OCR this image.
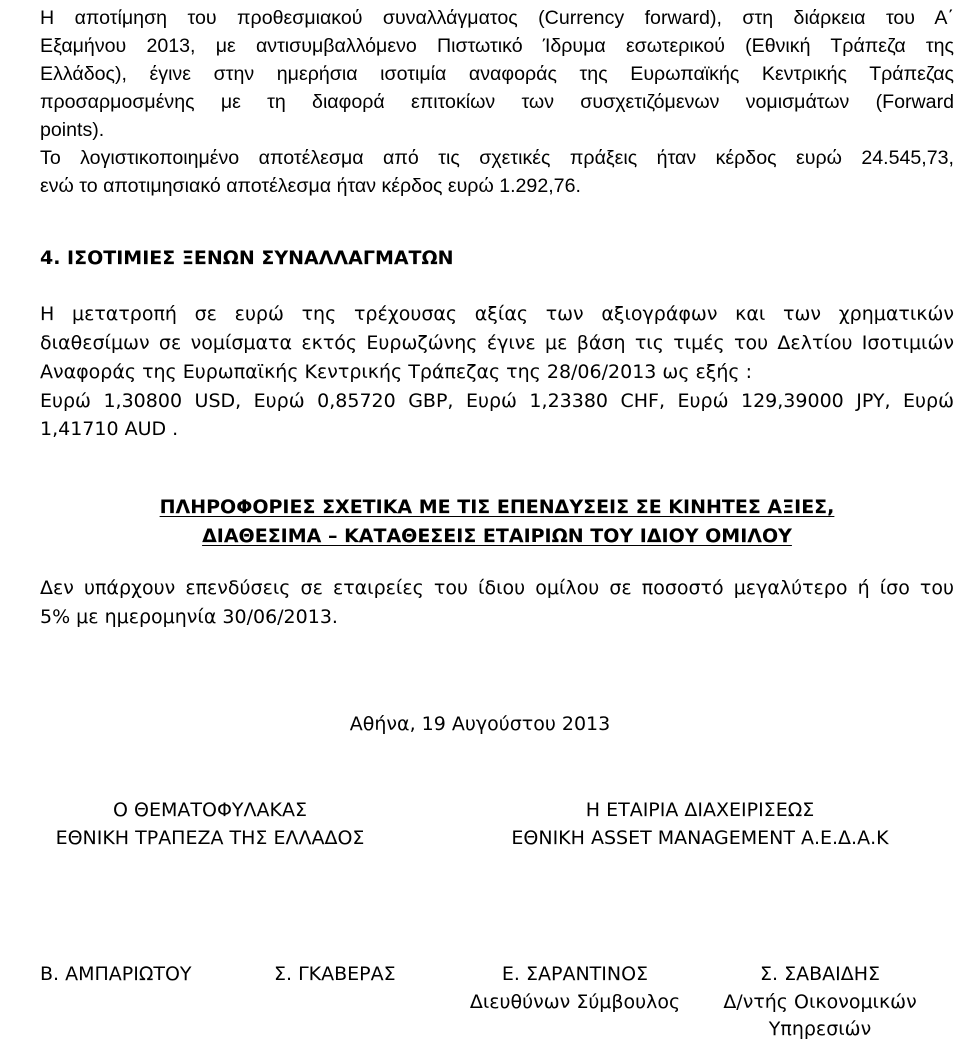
Η αποτίμηση του προθεσμιακού συναλλάγματος (Currency forward), στη διάρκεια του Α΄
Εξαμήνου 2013, με αντισυμβαλλόμενο Πιστωτικό Ίδρυμα εσωτερικού (Εθνική Τράπεζα της
Ελλάδος), έγινε στην ημερήσια ισοτιμία αναφοράς της Ευρωπαϊκής Κεντρικής Τράπεζας
προσαρμοσμένης με τη διαφορά επιτοκίων των συσχετιζόμενων νομισμάτων (Forward
points).
Το λογιστικοποιημένο αποτέλεσμα από τις σχετικές πράξεις ήταν κέρδος ευρώ 24.545,73,
ενώ το αποτιμησιακό αποτέλεσμα ήταν κέρδος ευρώ 1.292,76.
4. ΙΣΟΤΙΜΙΕΣ ΞΕΝΩΝ ΣΥΝΑΛΛΑΓΜΑΤΩΝ
Η μετατροπή σε ευρώ της τρέχουσας αξίας των αξιογράφων και των χρηματικών
διαθεσίμων σε νομίσματα εκτός Ευρωζώνης έγινε με βάση τις τιμές του Δελτίου Ισοτιμιών
Αναφοράς της Ευρωπαϊκής Κεντρικής Τράπεζας της 28/06/2013 ως εξής :
Ευρώ 1,30800 USD, Ευρώ 0,85720 GBP, Ευρώ 1,23380 CHF, Ευρώ 129,39000 JPY, Ευρώ
1,41710 AUD .
ΠΛΗΡΟΦΟΡΙΕΣ ΣΧΕΤΙΚΑ ΜΕ ΤΙΣ ΕΠΕΝΔΥΣΕΙΣ ΣΕ ΚΙΝΗΤΕΣ ΑΞΙΕΣ,
ΔΙΑΘΕΣΙΜΑ – ΚΑΤΑΘΕΣΕΙΣ ΕΤΑΙΡΙΩΝ ΤΟΥ ΙΔΙΟΥ ΟΜΙΛΟΥ
Δεν υπάρχουν επενδύσεις σε εταιρείες του ίδιου ομίλου σε ποσοστό μεγαλύτερο ή ίσο του
5% με ημερομηνία 30/06/2013.
Αθήνα, 19 Αυγούστου 2013
Ο ΘΕΜΑΤΟΦΥΛΑΚΑΣ
ΕΘΝΙΚΗ ΤΡΑΠΕΖΑ ΤΗΣ ΕΛΛΑΔΟΣ
Η ΕΤΑΙΡΙΑ ΔΙΑΧΕΙΡΙΣΕΩΣ
ΕΘΝΙΚΗ ASSET MANAGEMENT Α.Ε.Δ.Α.Κ
Β. ΑΜΠΑΡΙΩΤΟΥ	Σ. ΓΚΑΒΕΡΑΣ	Ε. ΣΑΡΑΝΤΙΝΟΣ
Διευθύνων Σύμβουλος
Σ. ΣΑΒΑΙΔΗΣ
Δ/ντής Οικονομικών
Υπηρεσιών
